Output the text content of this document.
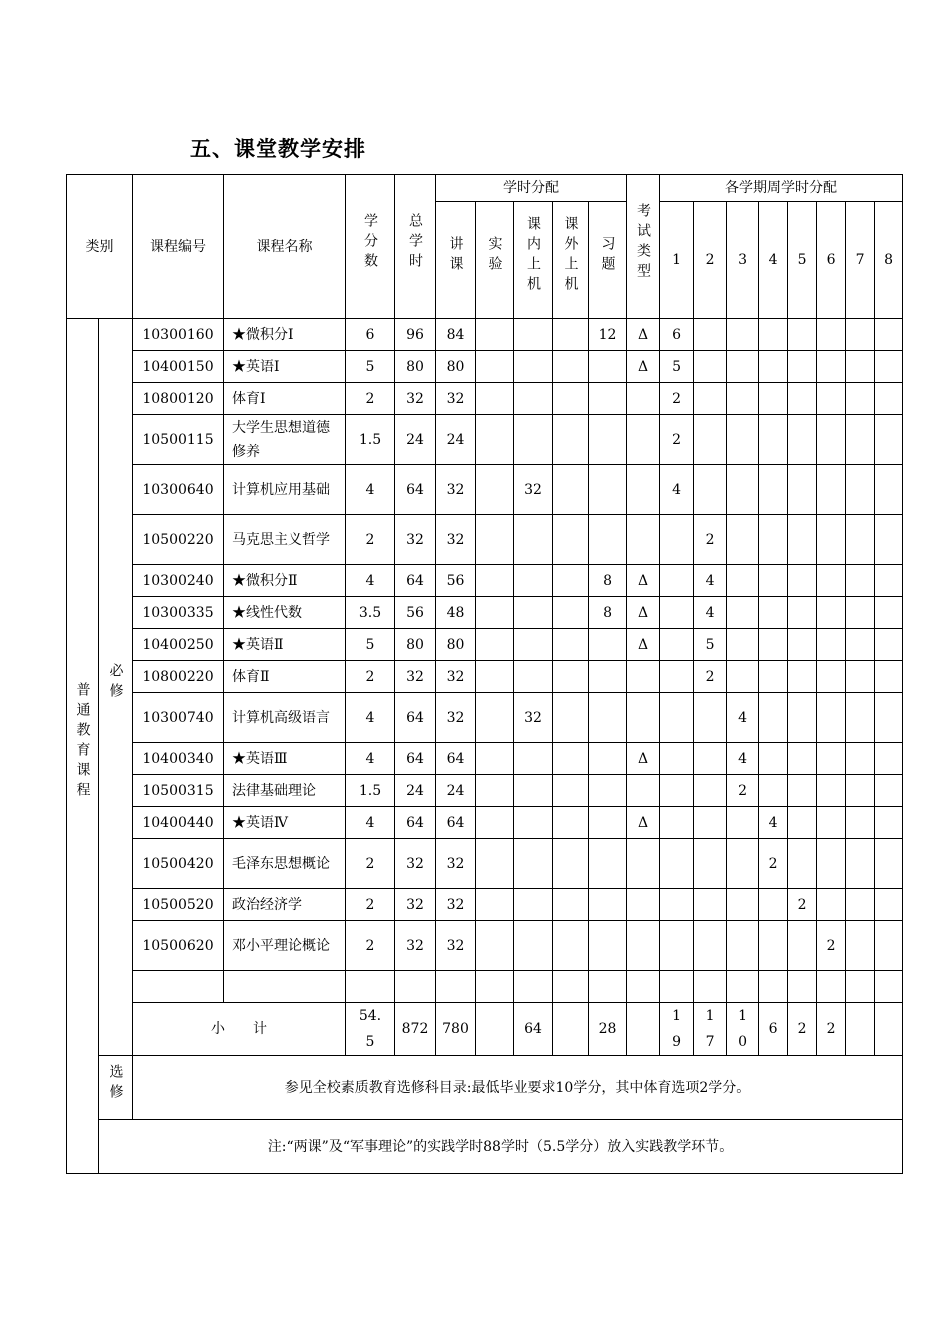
五、课堂教学安排
类别		课程编号	课程名称	学分数	总学时	学时分配					考试类型	各学期周学时分配							
						讲课	实验	课内上机	课外上机	习题		1	2	3	4	5	6	7	8
普通教育课程	必修	10300160	★微积分Ⅰ	6	96	84				12	Δ	6							
		10400150	★英语Ⅰ	5	80	80					Δ	5							
		10800120	体育Ⅰ	2	32	32						2							
		10500115	大学生思想道德修养	1.5	24	24						2							
		10300640	计算机应用基础	4	64	32		32				4							
		10500220	马克思主义哲学	2	32	32							2						
		10300240	★微积分Ⅱ	4	64	56				8	Δ		4						
		10300335	★线性代数	3.5	56	48				8	Δ		4						
		10400250	★英语Ⅱ	5	80	80					Δ		5						
		10800220	体育Ⅱ	2	32	32							2						
		10300740	计算机高级语言	4	64	32		32						4					
		10400340	★英语Ⅲ	4	64	64					Δ			4					
		10500315	法律基础理论	1.5	24	24								2					
		10400440	★英语Ⅳ	4	64	64					Δ				4				
		10500420	毛泽东思想概论	2	32	32									2				
		10500520	政治经济学	2	32	32										2			
		10500620	邓小平理论概论	2	32	32											2		

		小　　计		54.5	872	780		64		28		19	17	10	6	2	2		
	选修	参见全校素质教育选修科目录:最低毕业要求10学分，其中体育选项2学分。																	
	注:“两课”及“军事理论”的实践学时88学时（5.5学分）放入实践教学环节。																		
